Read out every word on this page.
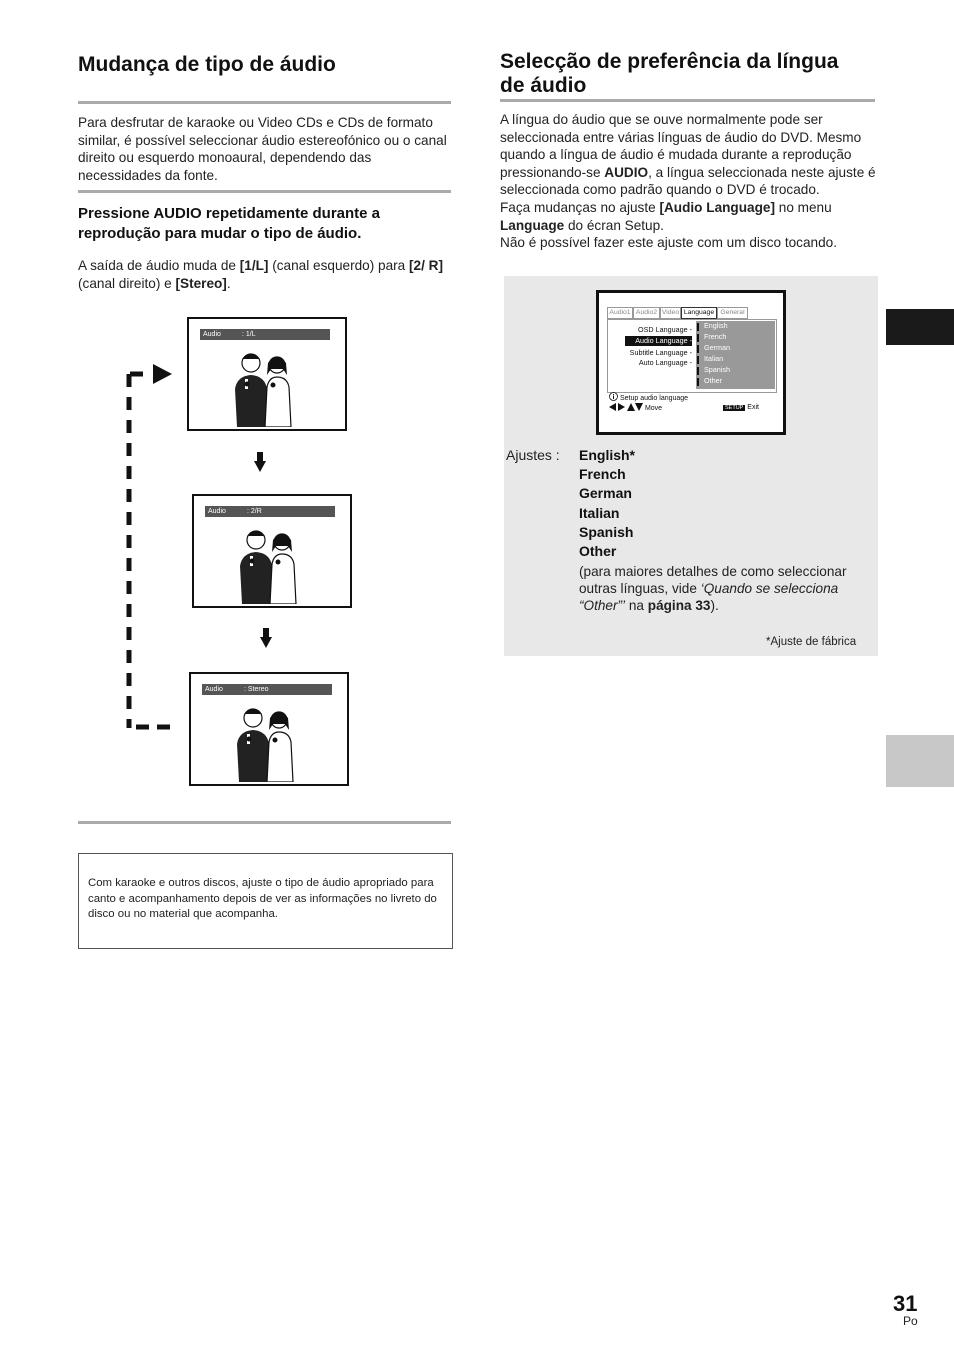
Mudança de tipo de áudio
Para desfrutar de karaoke ou Video CDs e CDs de formato similar, é possível seleccionar áudio estereofónico ou o canal direito ou esquerdo monoaural, dependendo das necessidades da fonte.
Pressione AUDIO repetidamente durante a reprodução para mudar o tipo de áudio.
A saída de áudio muda de [1/L] (canal esquerdo) para [2/ R] (canal direito) e [Stereo].
Audio	: 1/L
Audio	: 2/R
Audio	: Stereo
Com karaoke e outros discos, ajuste o tipo de áudio apropriado para canto e acompanhamento depois de ver as informações no livreto do disco ou no material que acompanha.
Selecção de preferência da língua
de áudio
A língua do áudio que se ouve normalmente pode ser seleccionada entre várias línguas de áudio do DVD. Mesmo quando a língua de áudio é mudada durante a reprodução pressionando-se AUDIO, a língua seleccionada neste ajuste é seleccionada como padrão quando o DVD é trocado.
Faça mudanças no ajuste [Audio Language] no menu Language do écran Setup.
Não é possível fazer este ajuste com um disco tocando.
Audio1 Audio2 Video Language General
OSD Language -
Audio Language -
Subtitle Language -
Auto Language -
English
French
German
Italian
Spanish
Other
Setup audio language
Move	SETUP Exit
Ajustes : English*
French
German
Italian
Spanish
Other
(para maiores detalhes de como seleccionar outras línguas, vide ‘Quando se selecciona “Other”’ na página 33).
*Ajuste de fábrica
31
Po
